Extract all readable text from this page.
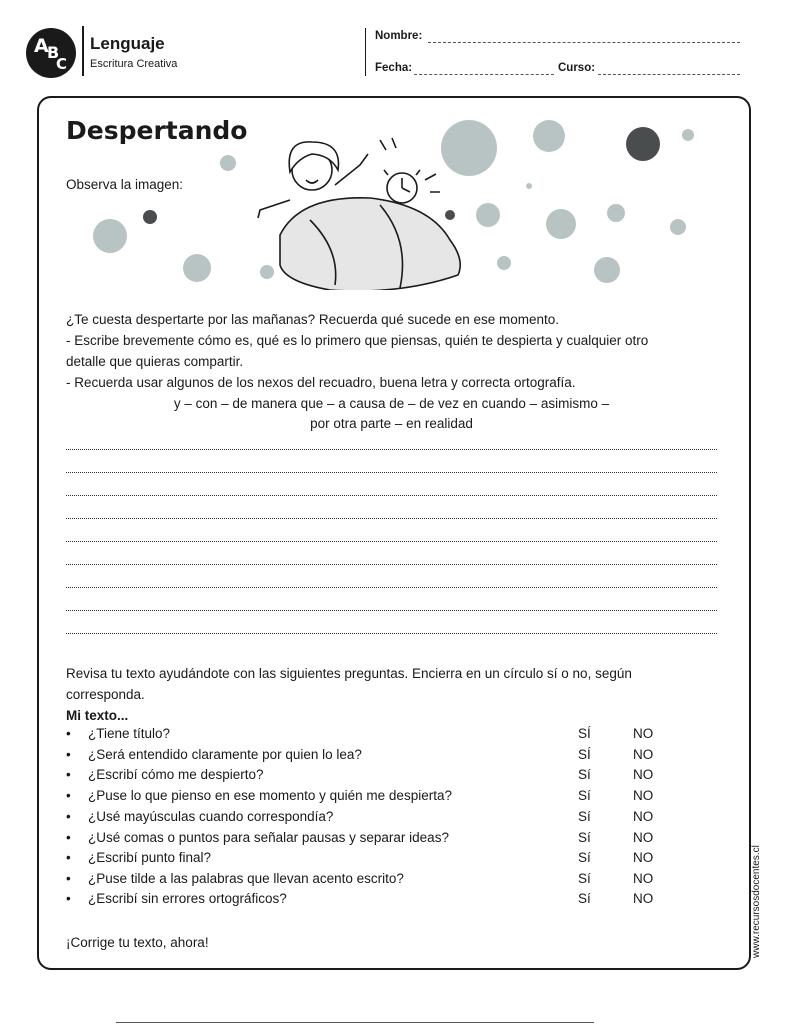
A
B
C
Lenguaje
Escritura Creativa
Nombre:
Fecha:	Curso:
Despertando
Observa la imagen:
¿Te cuesta despertarte por las mañanas? Recuerda qué sucede en ese momento.
- Escribe brevemente cómo es, qué es lo primero que piensas, quién te despierta y cualquier otro
detalle que quieras compartir.
- Recuerda usar algunos de los nexos del recuadro, buena letra y correcta ortografía.
y – con – de manera que – a causa de – de vez en cuando – asimismo –
por otra parte – en realidad
Revisa tu texto ayudándote con las siguientes preguntas. Encierra en un círculo sí o no, según
corresponda.
Mi texto...
• ¿Tiene título?	SÍ	NO
• ¿Será entendido claramente por quien lo lea?	SÍ	NO
• ¿Escribí cómo me despierto?	Sí	NO
• ¿Puse lo que pienso en ese momento y quién me despierta?	Sí	NO
• ¿Usé mayúsculas cuando correspondía?	Sí	NO
• ¿Usé comas o puntos para señalar pausas y separar ideas?	Sí	NO
• ¿Escribí punto final?	Sí	NO
• ¿Puse tilde a las palabras que llevan acento escrito?	Sí	NO
• ¿Escribí sin errores ortográficos?	Sí	NO
¡Corrige tu texto, ahora!	www.recursosdocentes.cl
